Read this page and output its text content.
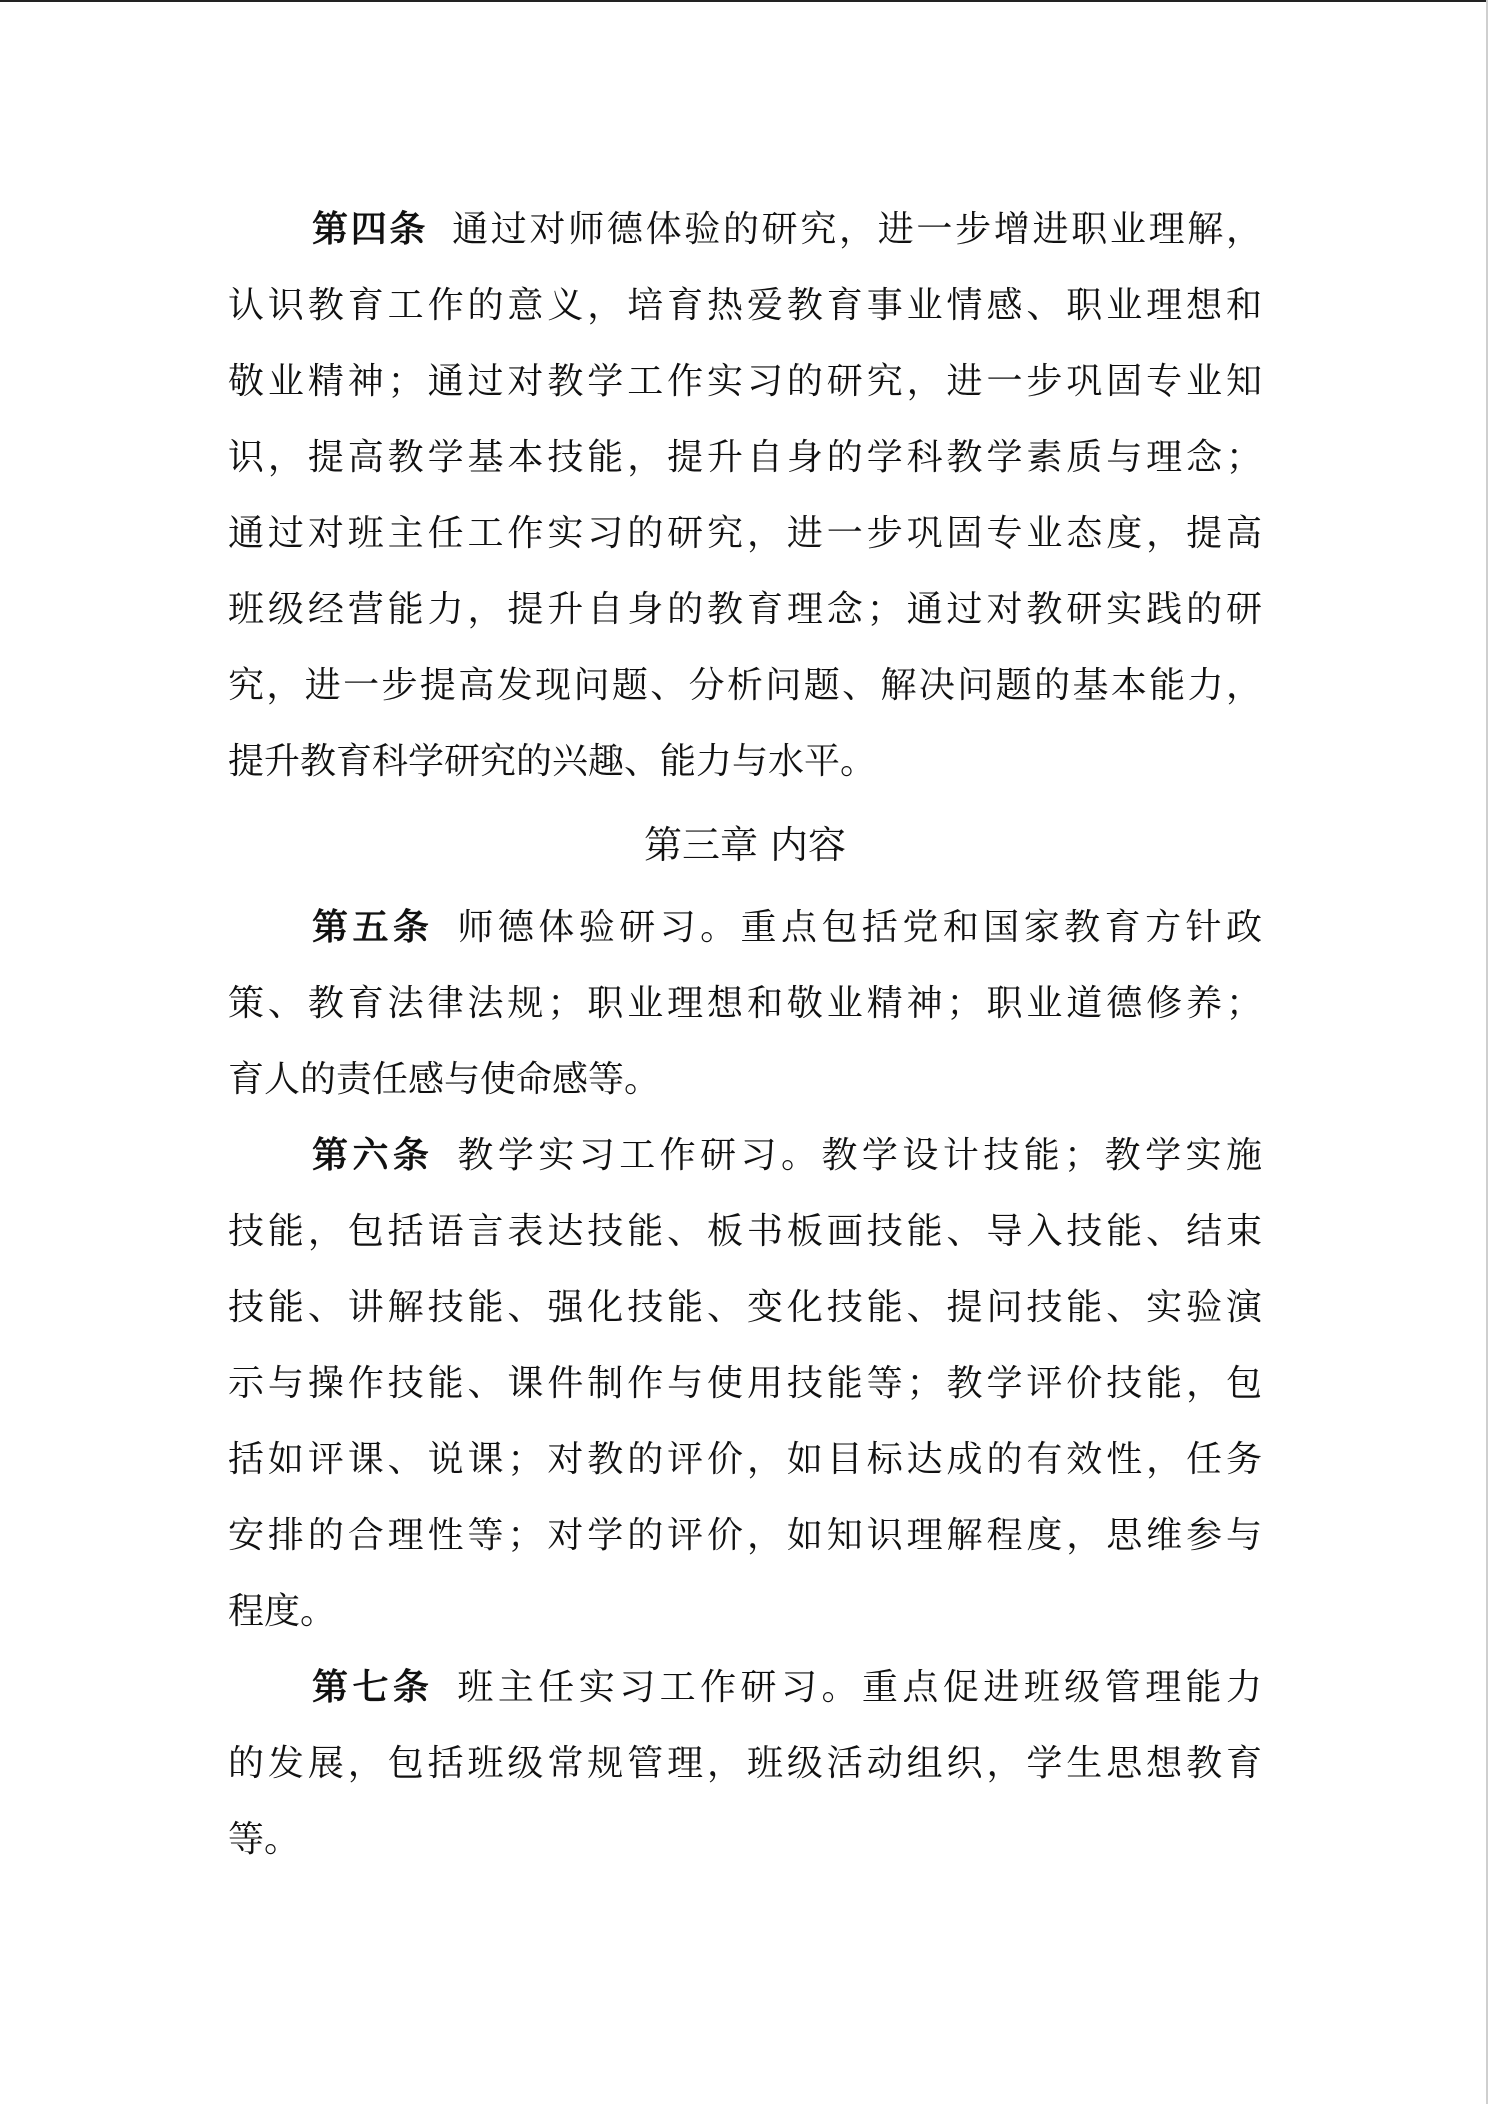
第四条 通过对师德体验的研究，进一步增进职业理解，
认识教育工作的意义，培育热爱教育事业情感、职业理想和
敬业精神；通过对教学工作实习的研究，进一步巩固专业知
识，提高教学基本技能，提升自身的学科教学素质与理念；
通过对班主任工作实习的研究，进一步巩固专业态度，提高
班级经营能力，提升自身的教育理念；通过对教研实践的研
究，进一步提高发现问题、分析问题、解决问题的基本能力，
提升教育科学研究的兴趣、能力与水平。
第三章 内容
第五条 师德体验研习。重点包括党和国家教育方针政
策、教育法律法规；职业理想和敬业精神；职业道德修养；
育人的责任感与使命感等。
第六条 教学实习工作研习。教学设计技能；教学实施
技能，包括语言表达技能、板书板画技能、导入技能、结束
技能、讲解技能、强化技能、变化技能、提问技能、实验演
示与操作技能、课件制作与使用技能等；教学评价技能，包
括如评课、说课；对教的评价，如目标达成的有效性，任务
安排的合理性等；对学的评价，如知识理解程度，思维参与
程度。
第七条 班主任实习工作研习。重点促进班级管理能力
的发展，包括班级常规管理，班级活动组织，学生思想教育
等。
